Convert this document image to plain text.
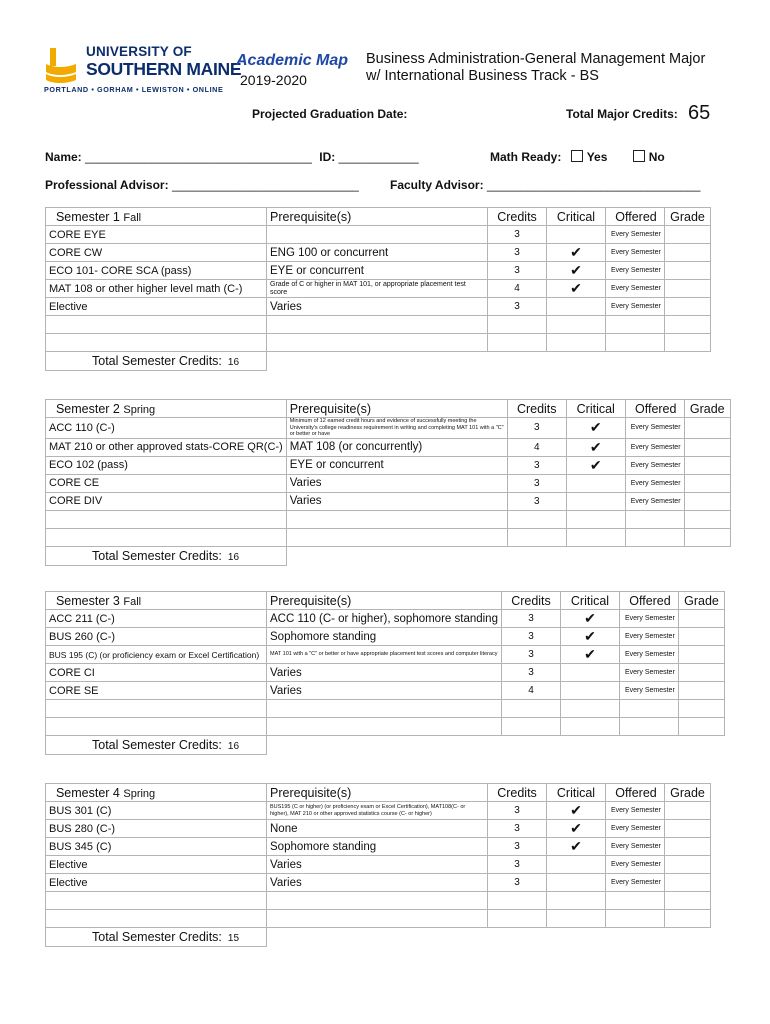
UNIVERSITY OF
SOUTHERN MAINE
PORTLAND • GORHAM • LEWISTON • ONLINE
Academic Map
2019-2020
Business Administration-General Management Major
w/ International Business Track - BS
Projected Graduation Date:	Total Major Credits: 65
Name: __________________________________ ID: ____________	Math Ready: Yes	No
Professional Advisor: ____________________________	Faculty Advisor: ________________________________
Semester 1 Fall	Prerequisite(s)	Credits	Critical	Offered	Grade
CORE EYE		3		Every Semester	
CORE CW	ENG 100 or concurrent	3	✔	Every Semester	
ECO 101- CORE SCA (pass)	EYE or concurrent	3	✔	Every Semester	
MAT 108 or other higher level math (C-)	Grade of C or higher in MAT 101, or appropriate placement test score	4	✔	Every Semester	
Elective	Varies	3		Every Semester	

Total Semester Credits: 16					
Semester 2 Spring	Prerequisite(s)	Credits	Critical	Offered	Grade
ACC 110 (C-)	Minimum of 12 earned credit hours and evidence of successfully meeting the University's college readiness requirement in writing and completing MAT 101 with a "C" or better or have	3	✔	Every Semester	
MAT 210 or other approved stats-CORE QR(C-)	MAT 108 (or concurrently)	4	✔	Every Semester	
ECO 102 (pass)	EYE or concurrent	3	✔	Every Semester	
CORE CE	Varies	3		Every Semester	
CORE DIV	Varies	3		Every Semester	

Total Semester Credits: 16					
Semester 3 Fall	Prerequisite(s)	Credits	Critical	Offered	Grade
ACC 211 (C-)	ACC 110 (C- or higher), sophomore standing	3	✔	Every Semester	
BUS 260 (C-)	Sophomore standing	3	✔	Every Semester	
BUS 195 (C) (or proficiency exam or Excel Certification)	MAT 101 with a "C" or better or have appropriate placement test scores and computer literacy	3	✔	Every Semester	
CORE CI	Varies	3		Every Semester	
CORE SE	Varies	4		Every Semester	

Total Semester Credits: 16					
Semester 4 Spring	Prerequisite(s)	Credits	Critical	Offered	Grade
BUS 301 (C)	BUS195 (C or higher) (or proficiency exam or Excel Certification), MAT108(C- or higher), MAT 210 or other approved statistics course (C- or higher)	3	✔	Every Semester	
BUS 280 (C-)	None	3	✔	Every Semester	
BUS 345 (C)	Sophomore standing	3	✔	Every Semester	
Elective	Varies	3		Every Semester	
Elective	Varies	3		Every Semester	

Total Semester Credits: 15					
